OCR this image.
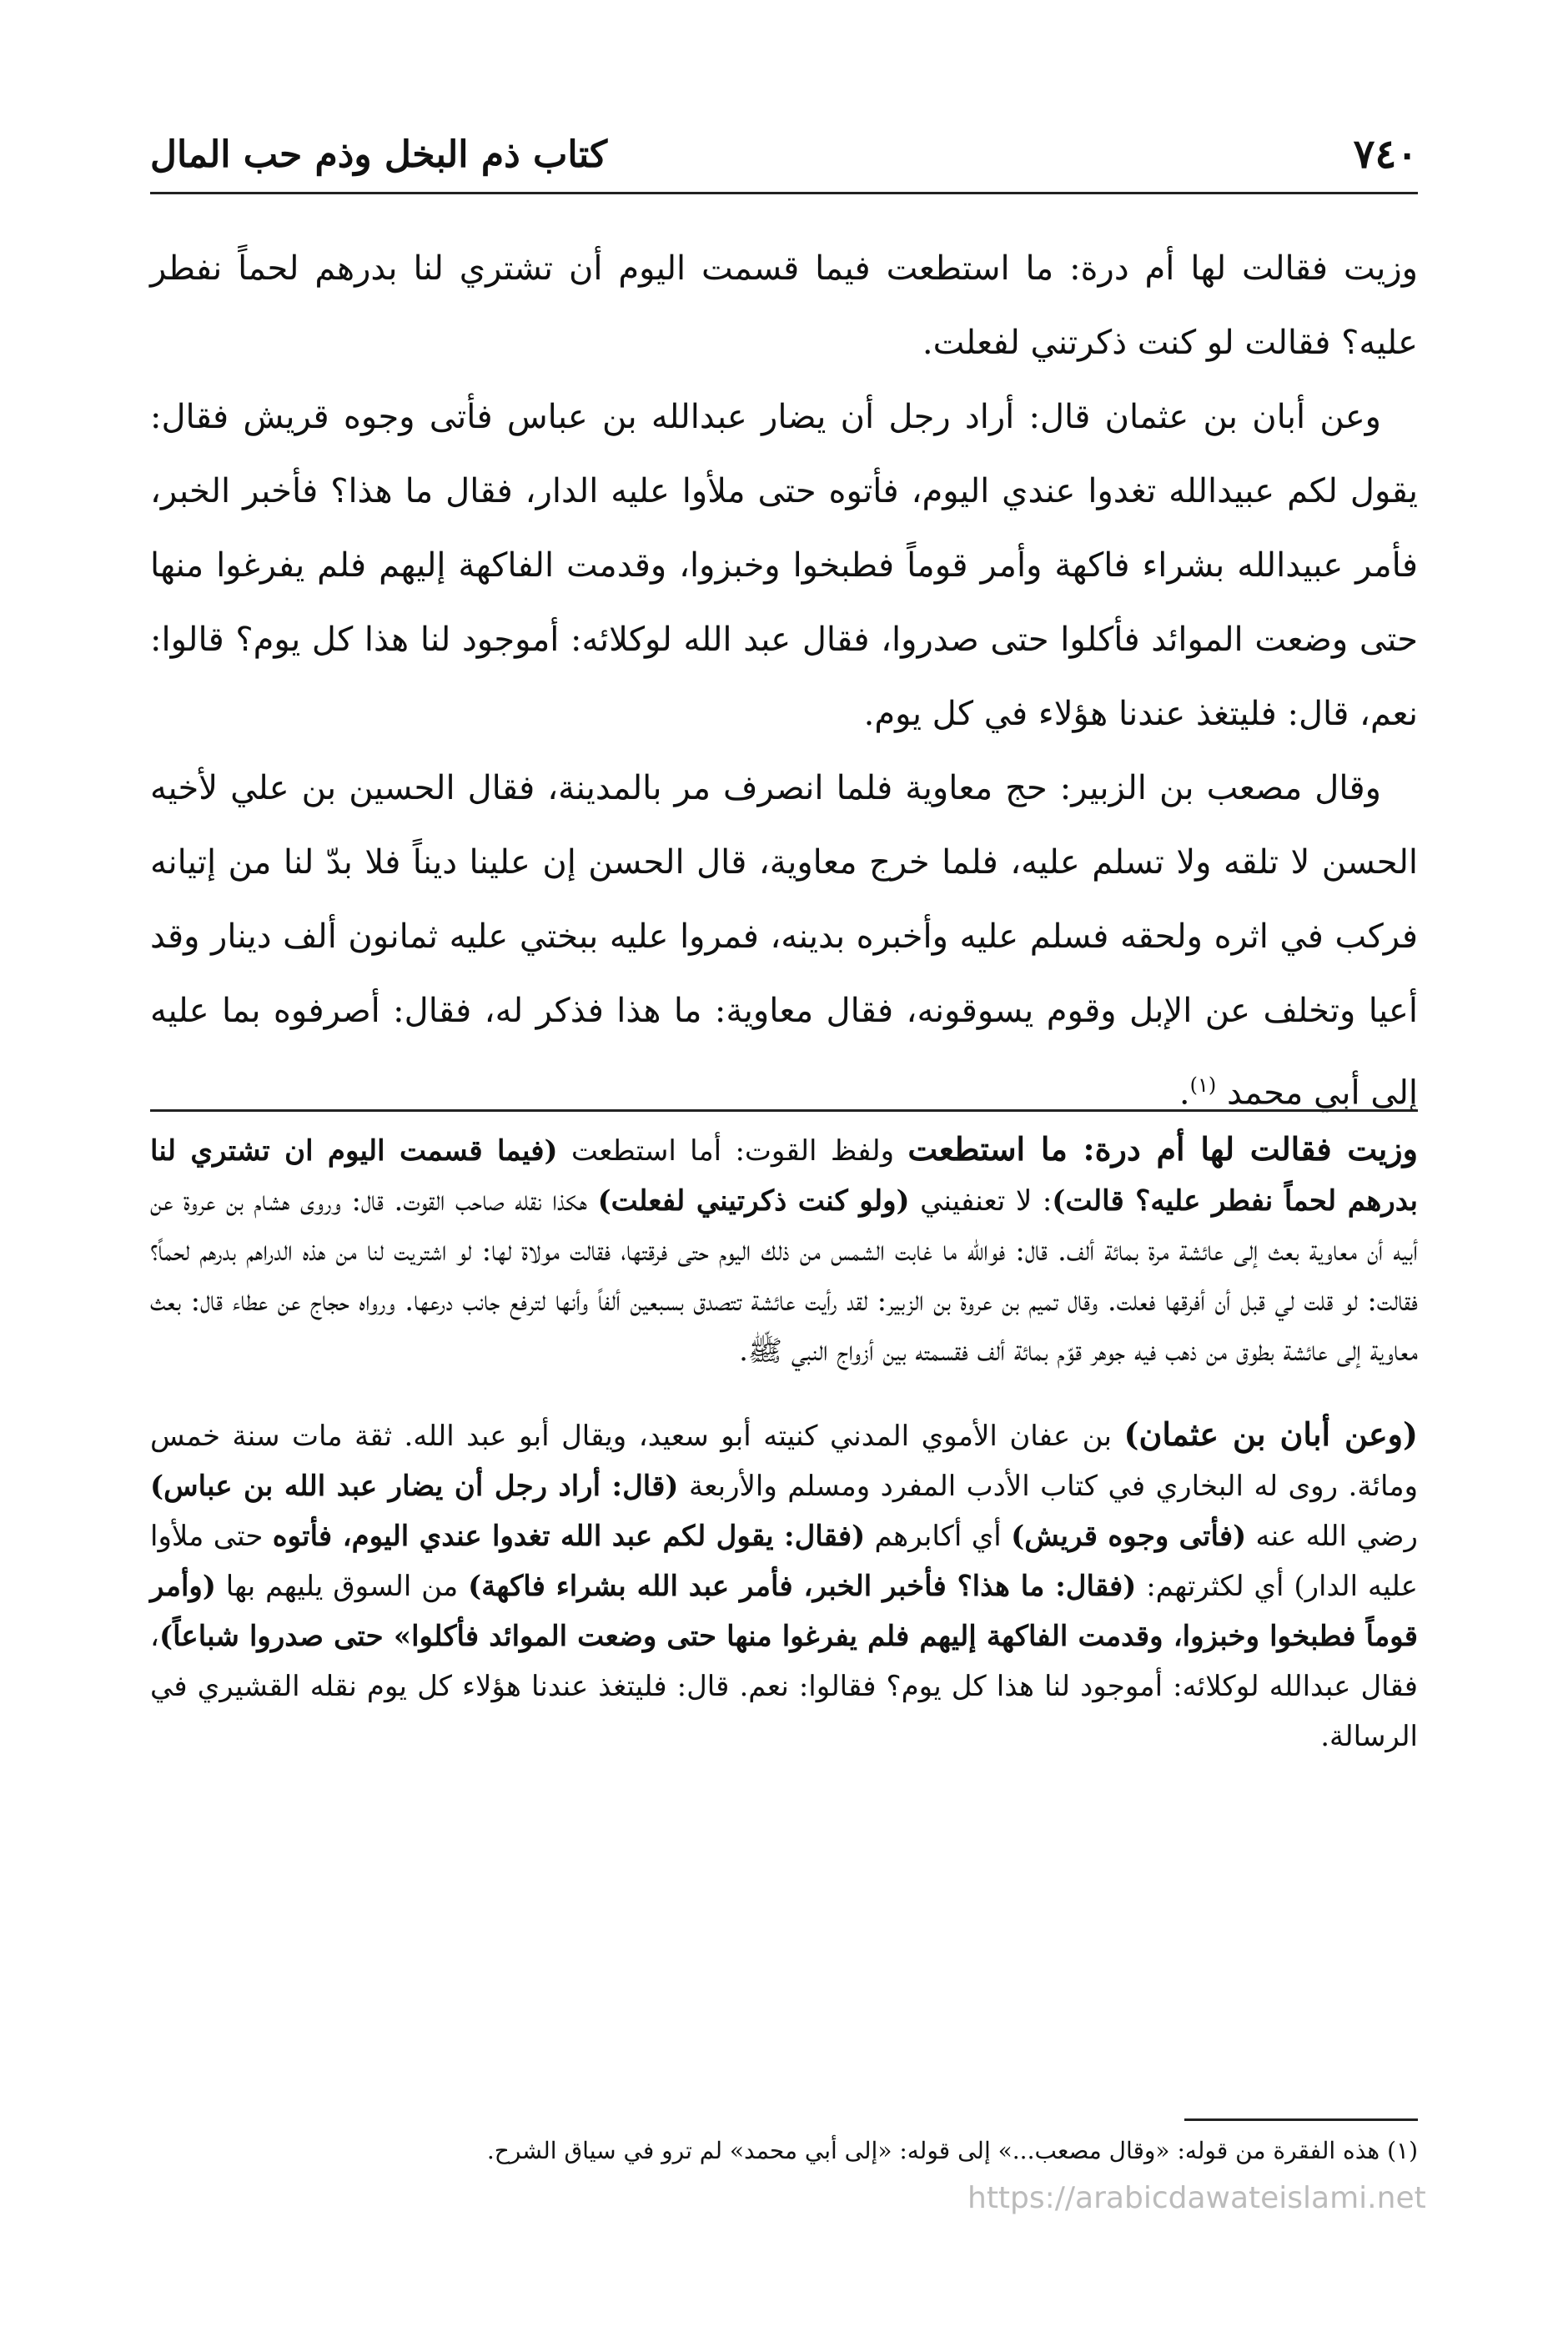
٧٤٠
كتاب ذم البخل وذم حب المال

وزيت فقالت لها أم درة: ما استطعت فيما قسمت اليوم أن تشتري لنا بدرهم لحماً نفطر عليه؟ فقالت لو كنت ذكرتني لفعلت.

وعن أبان بن عثمان قال: أراد رجل أن يضار عبدالله بن عباس فأتى وجوه قريش فقال: يقول لكم عبيدالله تغدوا عندي اليوم، فأتوه حتى ملأوا عليه الدار، فقال ما هذا؟ فأخبر الخبر، فأمر عبيدالله بشراء فاكهة وأمر قوماً فطبخوا وخبزوا، وقدمت الفاكهة إليهم فلم يفرغوا منها حتى وضعت الموائد فأكلوا حتى صدروا، فقال عبد الله لوكلائه: أموجود لنا هذا كل يوم؟ قالوا: نعم، قال: فليتغذ عندنا هؤلاء في كل يوم.

وقال مصعب بن الزبير: حج معاوية فلما انصرف مر بالمدينة، فقال الحسين بن علي لأخيه الحسن لا تلقه ولا تسلم عليه، فلما خرج معاوية، قال الحسن إن علينا ديناً فلا بدّ لنا من إتيانه فركب في اثره ولحقه فسلم عليه وأخبره بدينه، فمروا عليه ببختي عليه ثمانون ألف دينار وقد أعيا وتخلف عن الإبل وقوم يسوقونه، فقال معاوية: ما هذا فذكر له، فقال: أصرفوه بما عليه إلى أبي محمد $^{(١)}$.

وزيت فقالت لها أم درة: ما استطعت ولفظ القوت: أما استطعت (فيما قسمت اليوم ان تشتري لنا بدرهم لحماً نفطر عليه؟ قالت): لا تعنفيني (ولو كنت ذكرتيني لفعلت) هكذا نقله صاحب القوت. قال: وروى هشام بن عروة عن أبيه أن معاوية بعث إلى عائشة مرة بمائة ألف. قال: فوالله ما غابت الشمس من ذلك اليوم حتى فرقتها، فقالت مولاة لها: لو اشتريت لنا من هذه الدراهم بدرهم لحماً؟ فقالت: لو قلت لي قبل أن أفرقها فعلت. وقال تميم بن عروة بن الزبير: لقد رأيت عائشة تتصدق بسبعين ألفاً وأنها لترفع جانب درعها. ورواه حجاج عن عطاء قال: بعث معاوية إلى عائشة بطوق من ذهب فيه جوهر قوّم بمائة ألف فقسمته بين أزواج النبي ﷺ.

(وعن أبان بن عثمان) بن عفان الأموي المدني كنيته أبو سعيد، ويقال أبو عبد الله. ثقة مات سنة خمس ومائة. روى له البخاري في كتاب الأدب المفرد ومسلم والأربعة (قال: أراد رجل أن يضار عبد الله بن عباس) رضي الله عنه (فأتى وجوه قريش) أي أكابرهم (فقال: يقول لكم عبد الله تغدوا عندي اليوم، فأتوه حتى ملأوا عليه الدار) أي لكثرتهم: (فقال: ما هذا؟ فأخبر الخبر، فأمر عبد الله بشراء فاكهة) من السوق يليهم بها (وأمر قوماً فطبخوا وخبزوا، وقدمت الفاكهة إليهم فلم يفرغوا منها حتى وضعت الموائد فأكلوا» حتى صدروا شباعاً)، فقال عبدالله لوكلائه: أموجود لنا هذا كل يوم؟ فقالوا: نعم. قال: فليتغذ عندنا هؤلاء كل يوم نقله القشيري في الرسالة.

(١) هذه الفقرة من قوله: «وقال مصعب...» إلى قوله: «إلى أبي محمد» لم ترو في سياق الشرح.
https://arabicdawateislami.net
